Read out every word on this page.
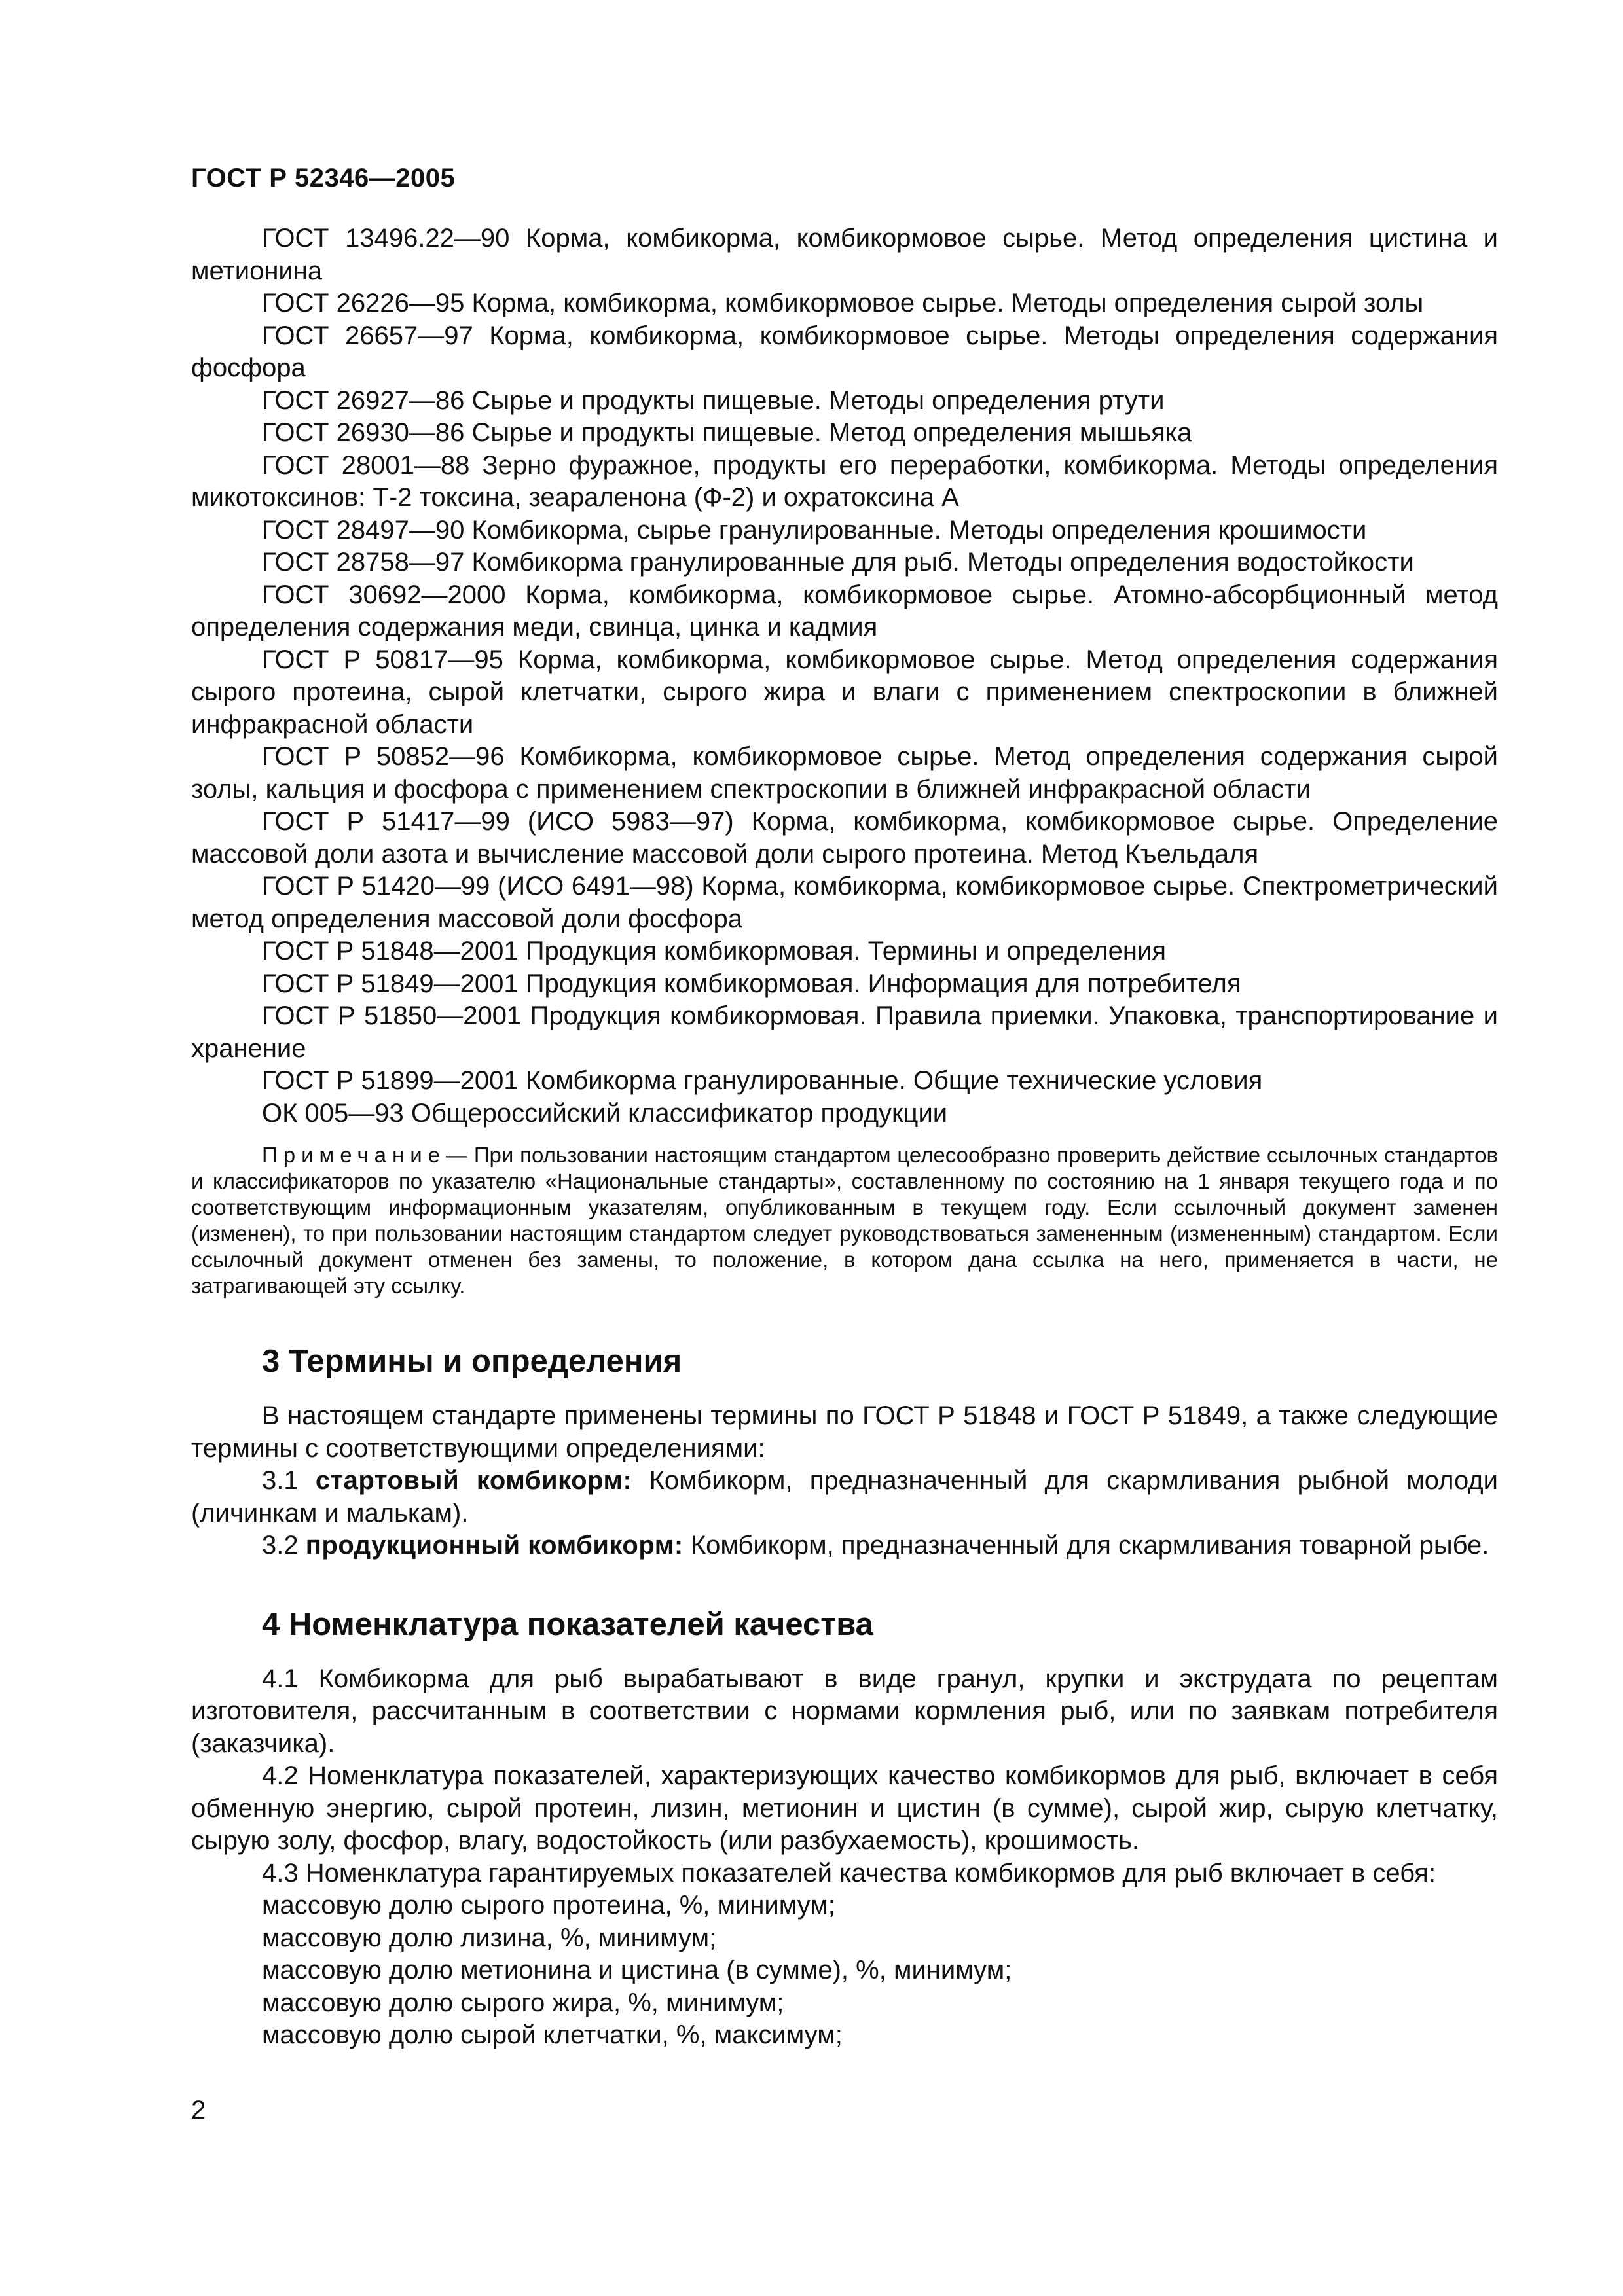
ГОСТ Р 52346—2005

ГОСТ 13496.22—90 Корма, комбикорма, комбикормовое сырье. Метод определения цистина и метионина

ГОСТ 26226—95 Корма, комбикорма, комбикормовое сырье. Методы определения сырой золы

ГОСТ 26657—97 Корма, комбикорма, комбикормовое сырье. Методы определения содержания фосфора

ГОСТ 26927—86 Сырье и продукты пищевые. Методы определения ртути

ГОСТ 26930—86 Сырье и продукты пищевые. Метод определения мышьяка

ГОСТ 28001—88 Зерно фуражное, продукты его переработки, комбикорма. Методы определения микотоксинов: Т-2 токсина, зеараленона (Ф-2) и охратоксина А

ГОСТ 28497—90 Комбикорма, сырье гранулированные. Методы определения крошимости

ГОСТ 28758—97 Комбикорма гранулированные для рыб. Методы определения водостойкости

ГОСТ 30692—2000 Корма, комбикорма, комбикормовое сырье. Атомно-абсорбционный метод определения содержания меди, свинца, цинка и кадмия

ГОСТ Р 50817—95 Корма, комбикорма, комбикормовое сырье. Метод определения содержания сырого протеина, сырой клетчатки, сырого жира и влаги с применением спектроскопии в ближней инфракрасной области

ГОСТ Р 50852—96 Комбикорма, комбикормовое сырье. Метод определения содержания сырой золы, кальция и фосфора с применением спектроскопии в ближней инфракрасной области

ГОСТ Р 51417—99 (ИСО 5983—97) Корма, комбикорма, комбикормовое сырье. Определение массовой доли азота и вычисление массовой доли сырого протеина. Метод Къельдаля

ГОСТ Р 51420—99 (ИСО 6491—98) Корма, комбикорма, комбикормовое сырье. Спектрометрический метод определения массовой доли фосфора

ГОСТ Р 51848—2001 Продукция комбикормовая. Термины и определения

ГОСТ Р 51849—2001 Продукция комбикормовая. Информация для потребителя

ГОСТ Р 51850—2001 Продукция комбикормовая. Правила приемки. Упаковка, транспортирование и хранение

ГОСТ Р 51899—2001 Комбикорма гранулированные. Общие технические условия

ОК 005—93 Общероссийский классификатор продукции

Примечание— При пользовании настоящим стандартом целесообразно проверить действие ссылочных стандартов и классификаторов по указателю «Национальные стандарты», составленному по состоянию на 1 января текущего года и по соответствующим информационным указателям, опубликованным в текущем году. Если ссылочный документ заменен (изменен), то при пользовании настоящим стандартом следует руководствоваться замененным (измененным) стандартом. Если ссылочный документ отменен без замены, то положение, в котором дана ссылка на него, применяется в части, не затрагивающей эту ссылку.

3 Термины и определения

В настоящем стандарте применены термины по ГОСТ Р 51848 и ГОСТ Р 51849, а также следующие термины с соответствующими определениями:

3.1 стартовый комбикорм: Комбикорм, предназначенный для скармливания рыбной молоди (личинкам и малькам).

3.2 продукционный комбикорм: Комбикорм, предназначенный для скармливания товарной рыбе.

4 Номенклатура показателей качества

4.1 Комбикорма для рыб вырабатывают в виде гранул, крупки и экструдата по рецептам изготовителя, рассчитанным в соответствии с нормами кормления рыб, или по заявкам потребителя (заказчика).

4.2 Номенклатура показателей, характеризующих качество комбикормов для рыб, включает в себя обменную энергию, сырой протеин, лизин, метионин и цистин (в сумме), сырой жир, сырую клетчатку, сырую золу, фосфор, влагу, водостойкость (или разбухаемость), крошимость.

4.3 Номенклатура гарантируемых показателей качества комбикормов для рыб включает в себя:

массовую долю сырого протеина, %, минимум;

массовую долю лизина, %, минимум;

массовую долю метионина и цистина (в сумме), %, минимум;

массовую долю сырого жира, %, минимум;

массовую долю сырой клетчатки, %, максимум;

2
